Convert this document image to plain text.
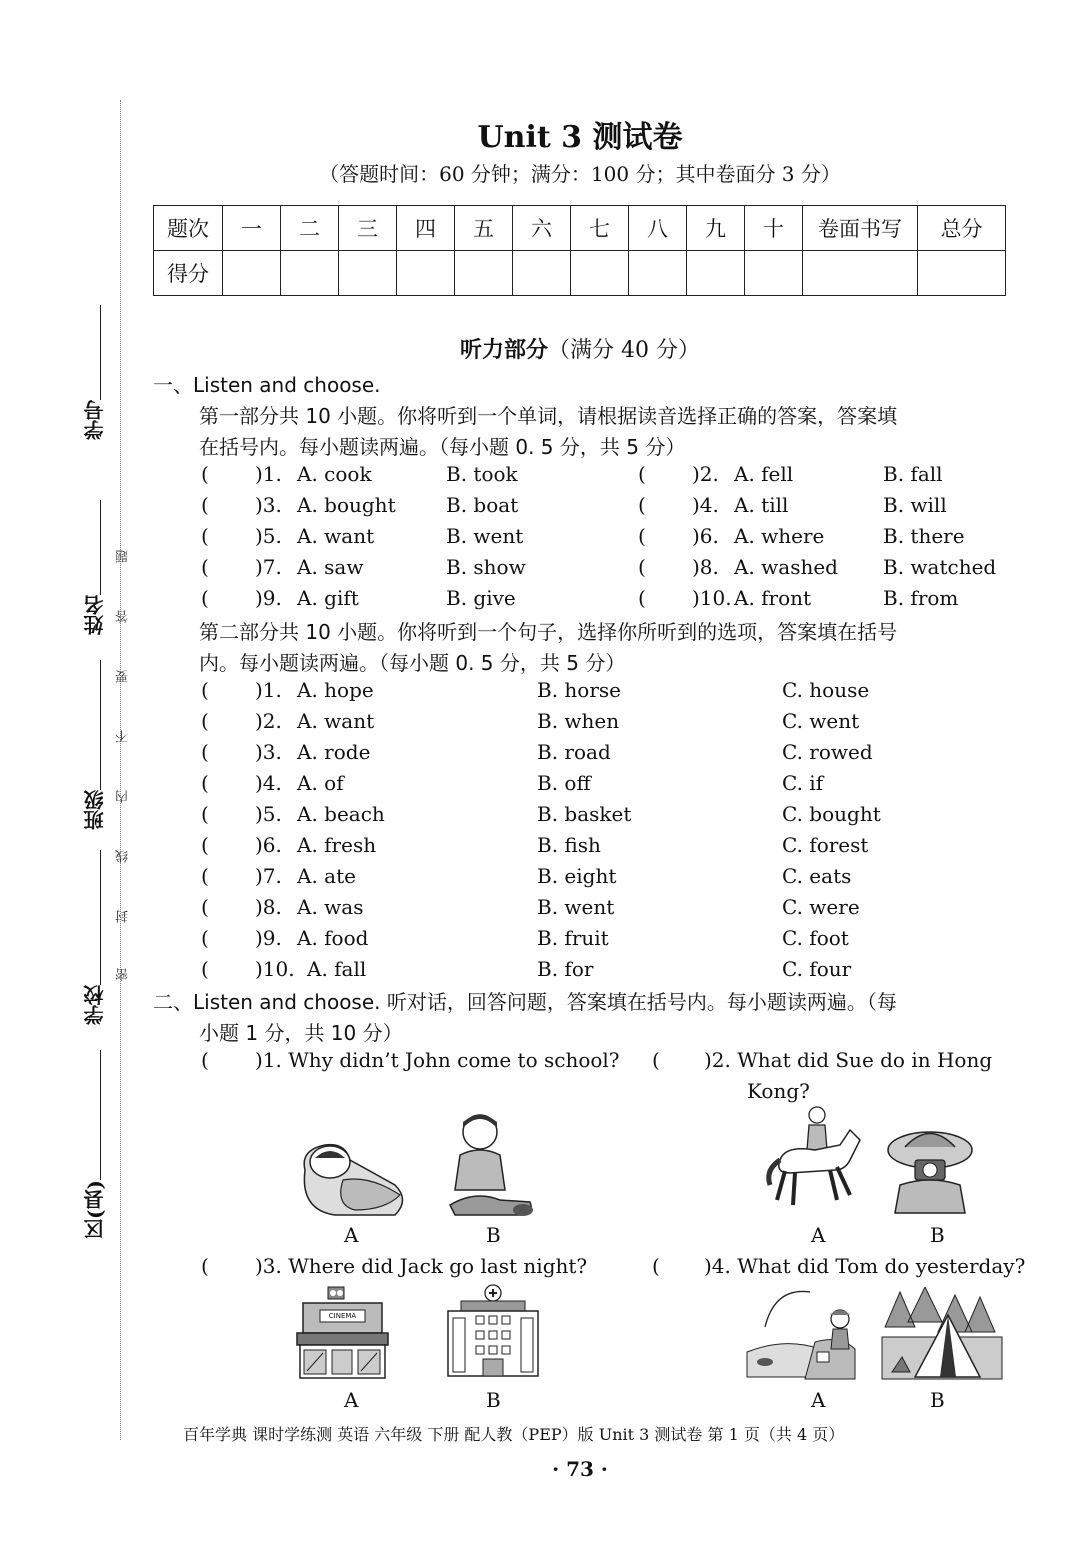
学号
姓名
班级
学校
区(县)
密
封
线
内
不
要
答
题
Unit 3 测试卷
（答题时间：60 分钟；满分：100 分；其中卷面分 3 分）
题次	一	二	三	四	五	六	七	八	九	十	卷面书写	总分
得分												
听力部分（满分 40 分）
一、Listen and choose.
第一部分共 10 小题。你将听到一个单词，请根据读音选择正确的答案，答案填
在括号内。每小题读两遍。（每小题 0. 5 分，共 5 分）
( )1. A. cook	B. took	( )2. A. fell	B. fall
( )3. A. bought	B. boat	( )4. A. till	B. will
( )5. A. want	B. went	( )6. A. where	B. there
( )7. A. saw	B. show	( )8. A. washed B. watched
( )9. A. gift	B. give	( )10. A. front	B. from
第二部分共 10 小题。你将听到一个句子，选择你所听到的选项，答案填在括号
内。每小题读两遍。（每小题 0. 5 分，共 5 分）
( )1. A. hope	B. horse	C. house
( )2. A. want	B. when	C. went
( )3. A. rode	B. road	C. rowed
( )4. A. of	B. off	C. if
( )5. A. beach	B. basket	C. bought
( )6. A. fresh	B. fish	C. forest
( )7. A. ate	B. eight	C. eats
( )8. A. was	B. went	C. were
( )9. A. food	B. fruit	C. foot
( )10. A. fall	B. for	C. four
二、Listen and choose. 听对话，回答问题，答案填在括号内。每小题读两遍。（每
小题 1 分，共 10 分）
( )1. Why didn’t John come to school? ( )2. What did Sue do in Hong
Kong?
A	B	A	B
( )3. Where did Jack go last night?	( )4. What did Tom do yesterday?
CINEMA
A	B	A	B
百年学典 课时学练测 英语 六年级 下册 配人教（PEP）版 Unit 3 测试卷 第 1 页（共 4 页）
· 73 ·
